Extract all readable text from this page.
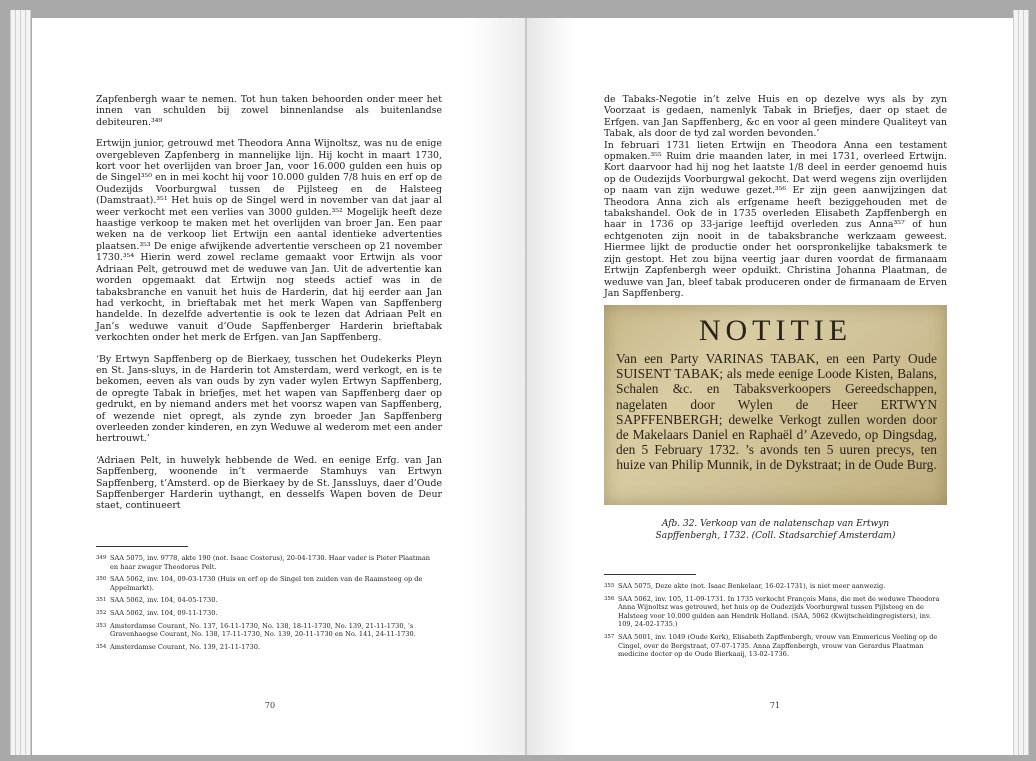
Zapfenbergh waar te nemen. Tot hun taken behoorden onder meer het innen van schulden bij zowel binnenlandse als buitenlandse debiteuren.³⁴⁹

Ertwijn junior, getrouwd met Theodora Anna Wijnoltsz, was nu de enige overgebleven Zapfenberg in mannelijke lijn. Hij kocht in maart 1730, kort voor het overlijden van broer Jan, voor 16.000 gulden een huis op de Singel³⁵⁰ en in mei kocht hij voor 10.000 gulden 7/8 huis en erf op de Oudezijds Voorburgwal tussen de Pijlsteeg en de Halsteeg (Damstraat).³⁵¹ Het huis op de Singel werd in november van dat jaar al weer verkocht met een verlies van 3000 gulden.³⁵² Mogelijk heeft deze haastige verkoop te maken met het overlijden van broer Jan. Een paar weken na de verkoop liet Ertwijn een aantal identieke advertenties plaatsen.³⁵³ De enige afwijkende advertentie verscheen op 21 november 1730.³⁵⁴ Hierin werd zowel reclame gemaakt voor Ertwijn als voor Adriaan Pelt, getrouwd met de weduwe van Jan. Uit de advertentie kan worden opgemaakt dat Ertwijn nog steeds actief was in de tabaksbranche en vanuit het huis de Harderin, dat hij eerder aan Jan had verkocht, in brieftabak met het merk Wapen van Sapffenberg handelde. In dezelfde advertentie is ook te lezen dat Adriaan Pelt en Jan’s weduwe vanuit d’Oude Sapffenberger Harderin brieftabak verkochten onder het merk de Erfgen. van Jan Sapffenberg.

‘By Ertwyn Sapffenberg op de Bierkaey, tusschen het Oudekerks Pleyn en St. Jans-sluys, in de Harderin tot Amsterdam, werd verkogt, en is te bekomen, eeven als van ouds by zyn vader wylen Ertwyn Sapffenberg, de opregte Tabak in briefjes, met het wapen van Sapffenberg daer op gedrukt, en by niemand anders met het voorsz wapen van Sapffenberg, of wezende niet opregt, als zynde zyn broeder Jan Sapffenberg overleeden zonder kinderen, en zyn Weduwe al wederom met een ander hertrouwt.’

‘Adriaen Pelt, in huwelyk hebbende de Wed. en eenige Erfg. van Jan Sapffenberg, woonende in’t vermaerde Stamhuys van Ertwyn Sapffenberg, t’Amsterd. op de Bierkaey by de St. Janssluys, daer d’Oude Sapffenberger Harderin uythangt, en desselfs Wapen boven de Deur staet, continueert

349 SAA 5075, inv. 9778, akte 190 (not. Isaac Costerus), 20-04-1730. Haar vader is Pieter Plaatman en haar zwager Theodorus Pelt.
350 SAA 5062, inv. 104, 09-03-1730 (Huis en erf op de Singel ten zuiden van de Raamsteeg op de Appelmarkt).
351 SAA 5062, inv. 104, 04-05-1730.
352 SAA 5062, inv. 104, 09-11-1730.
353 Amsterdamse Courant, No. 137, 16-11-1730, No. 138, 18-11-1730, No. 139, 21-11-1730, ’s Gravenhaegse Courant, No. 138, 17-11-1730, No. 139, 20-11-1730 en No. 141, 24-11-1730.
354 Amsterdamse Courant, No. 139, 21-11-1730.
70

de Tabaks-Negotie in’t zelve Huis en op dezelve wys als by zyn Voorzaat is gedaen, namenlyk Tabak in Briefjes, daer op staet de Erfgen. van Jan Sapffenberg, &c en voor al geen mindere Qualiteyt van Tabak, als door de tyd zal worden bevonden.’

In februari 1731 lieten Ertwijn en Theodora Anna een testament opmaken.³⁵⁵ Ruim drie maanden later, in mei 1731, overleed Ertwijn. Kort daarvoor had hij nog het laatste 1/8 deel in eerder genoemd huis op de Oudezijds Voorburgwal gekocht. Dat werd wegens zijn overlijden op naam van zijn weduwe gezet.³⁵⁶ Er zijn geen aanwijzingen dat Theodora Anna zich als erfgename heeft beziggehouden met de tabakshandel. Ook de in 1735 overleden Elisabeth Zapffenbergh en haar in 1736 op 33-jarige leeftijd overleden zus Anna³⁵⁷ of hun echtgenoten zijn nooit in de tabaksbranche werkzaam geweest. Hiermee lijkt de productie onder het oorspronkelijke tabaksmerk te zijn gestopt. Het zou bijna veertig jaar duren voordat de firmanaam Ertwijn Zapfenbergh weer opduikt. Christina Johanna Plaatman, de weduwe van Jan, bleef tabak produceren onder de firmanaam de Erven Jan Sapffenberg.

NOTITIE
Van een Party VARINAS TABAK, en een Party Oude SUISENT TABAK; als mede eenige Loode Kisten, Balans, Schalen &c. en Tabaksverkoopers Gereedschappen, nagelaten door Wylen de Heer ERTWYN SAPFFENBERGH; dewelke Verkogt zullen worden door de Makelaars Daniel en Raphaël d’ Azevedo, op Dingsdag, den 5 February 1732. ’s avonds ten 5 uuren precys, ten huize van Philip Munnik, in de Dykstraat; in de Oude Burg.
Afb. 32. Verkoop van de nalatenschap van Ertwyn
Sapffenbergh, 1732. (Coll. Stadsarchief Amsterdam)
355 SAA 5075, Deze akte (not. Isaac Benkelaar, 16-02-1731), is niet meer aanwezig.
356 SAA 5062, inv. 105, 11-09-1731. In 1735 verkocht François Mans, die met de weduwe Theodora Anna Wijnoltsz was getrouwd, het huis op de Oudezijds Voorburgwal tussen Pijlsteeg en de Halsteeg voor 10.000 gulden aan Hendrik Holland. (SAA, 5062 (Kwijtscheldingregisters), inv. 109, 24-02-1735.)
357 SAA 5001, inv. 1049 (Oude Kerk), Elisabeth Zapffenbergh, vrouw van Emmericus Veeling op de Cingel, over de Bergstraat, 07-07-1735. Anna Zapffenbergh, vrouw van Gerardus Plaatman medicine docter op de Oude Bierkaaij, 13-02-1736.
71
